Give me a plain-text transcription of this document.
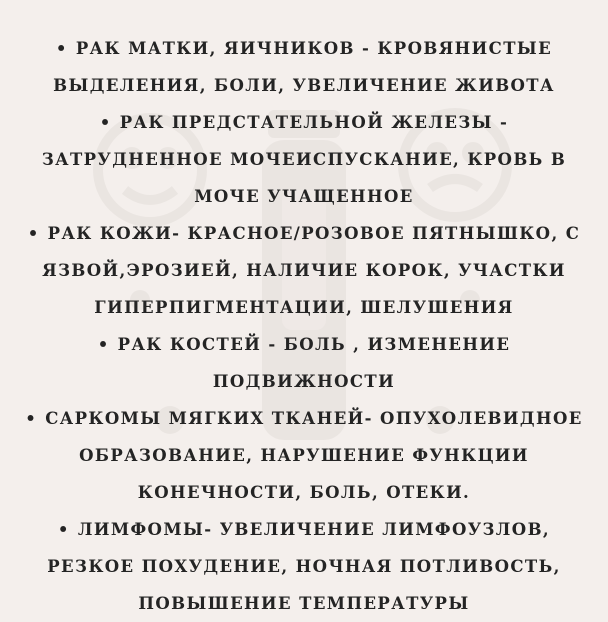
• РАК МАТКИ, ЯИЧНИКОВ - КРОВЯНИСТЫЕ
ВЫДЕЛЕНИЯ, БОЛИ, УВЕЛИЧЕНИЕ ЖИВОТА
• РАК ПРЕДСТАТЕЛЬНОЙ ЖЕЛЕЗЫ -
ЗАТРУДНЕННОЕ МОЧЕИСПУСКАНИЕ, КРОВЬ В
МОЧЕ УЧАЩЕННОЕ
• РАК КОЖИ- КРАСНОЕ/РОЗОВОЕ ПЯТНЫШКО, С
ЯЗВОЙ,ЭРОЗИЕЙ, НАЛИЧИЕ КОРОК, УЧАСТКИ
ГИПЕРПИГМЕНТАЦИИ, ШЕЛУШЕНИЯ
• РАК КОСТЕЙ - БОЛЬ , ИЗМЕНЕНИЕ
ПОДВИЖНОСТИ
• САРКОМЫ МЯГКИХ ТКАНЕЙ- ОПУХОЛЕВИДНОЕ
ОБРАЗОВАНИЕ, НАРУШЕНИЕ ФУНКЦИИ
КОНЕЧНОСТИ, БОЛЬ, ОТЕКИ.
• ЛИМФОМЫ- УВЕЛИЧЕНИЕ ЛИМФОУЗЛОВ,
РЕЗКОЕ ПОХУДЕНИЕ, НОЧНАЯ ПОТЛИВОСТЬ,
ПОВЫШЕНИЕ ТЕМПЕРАТУРЫ
